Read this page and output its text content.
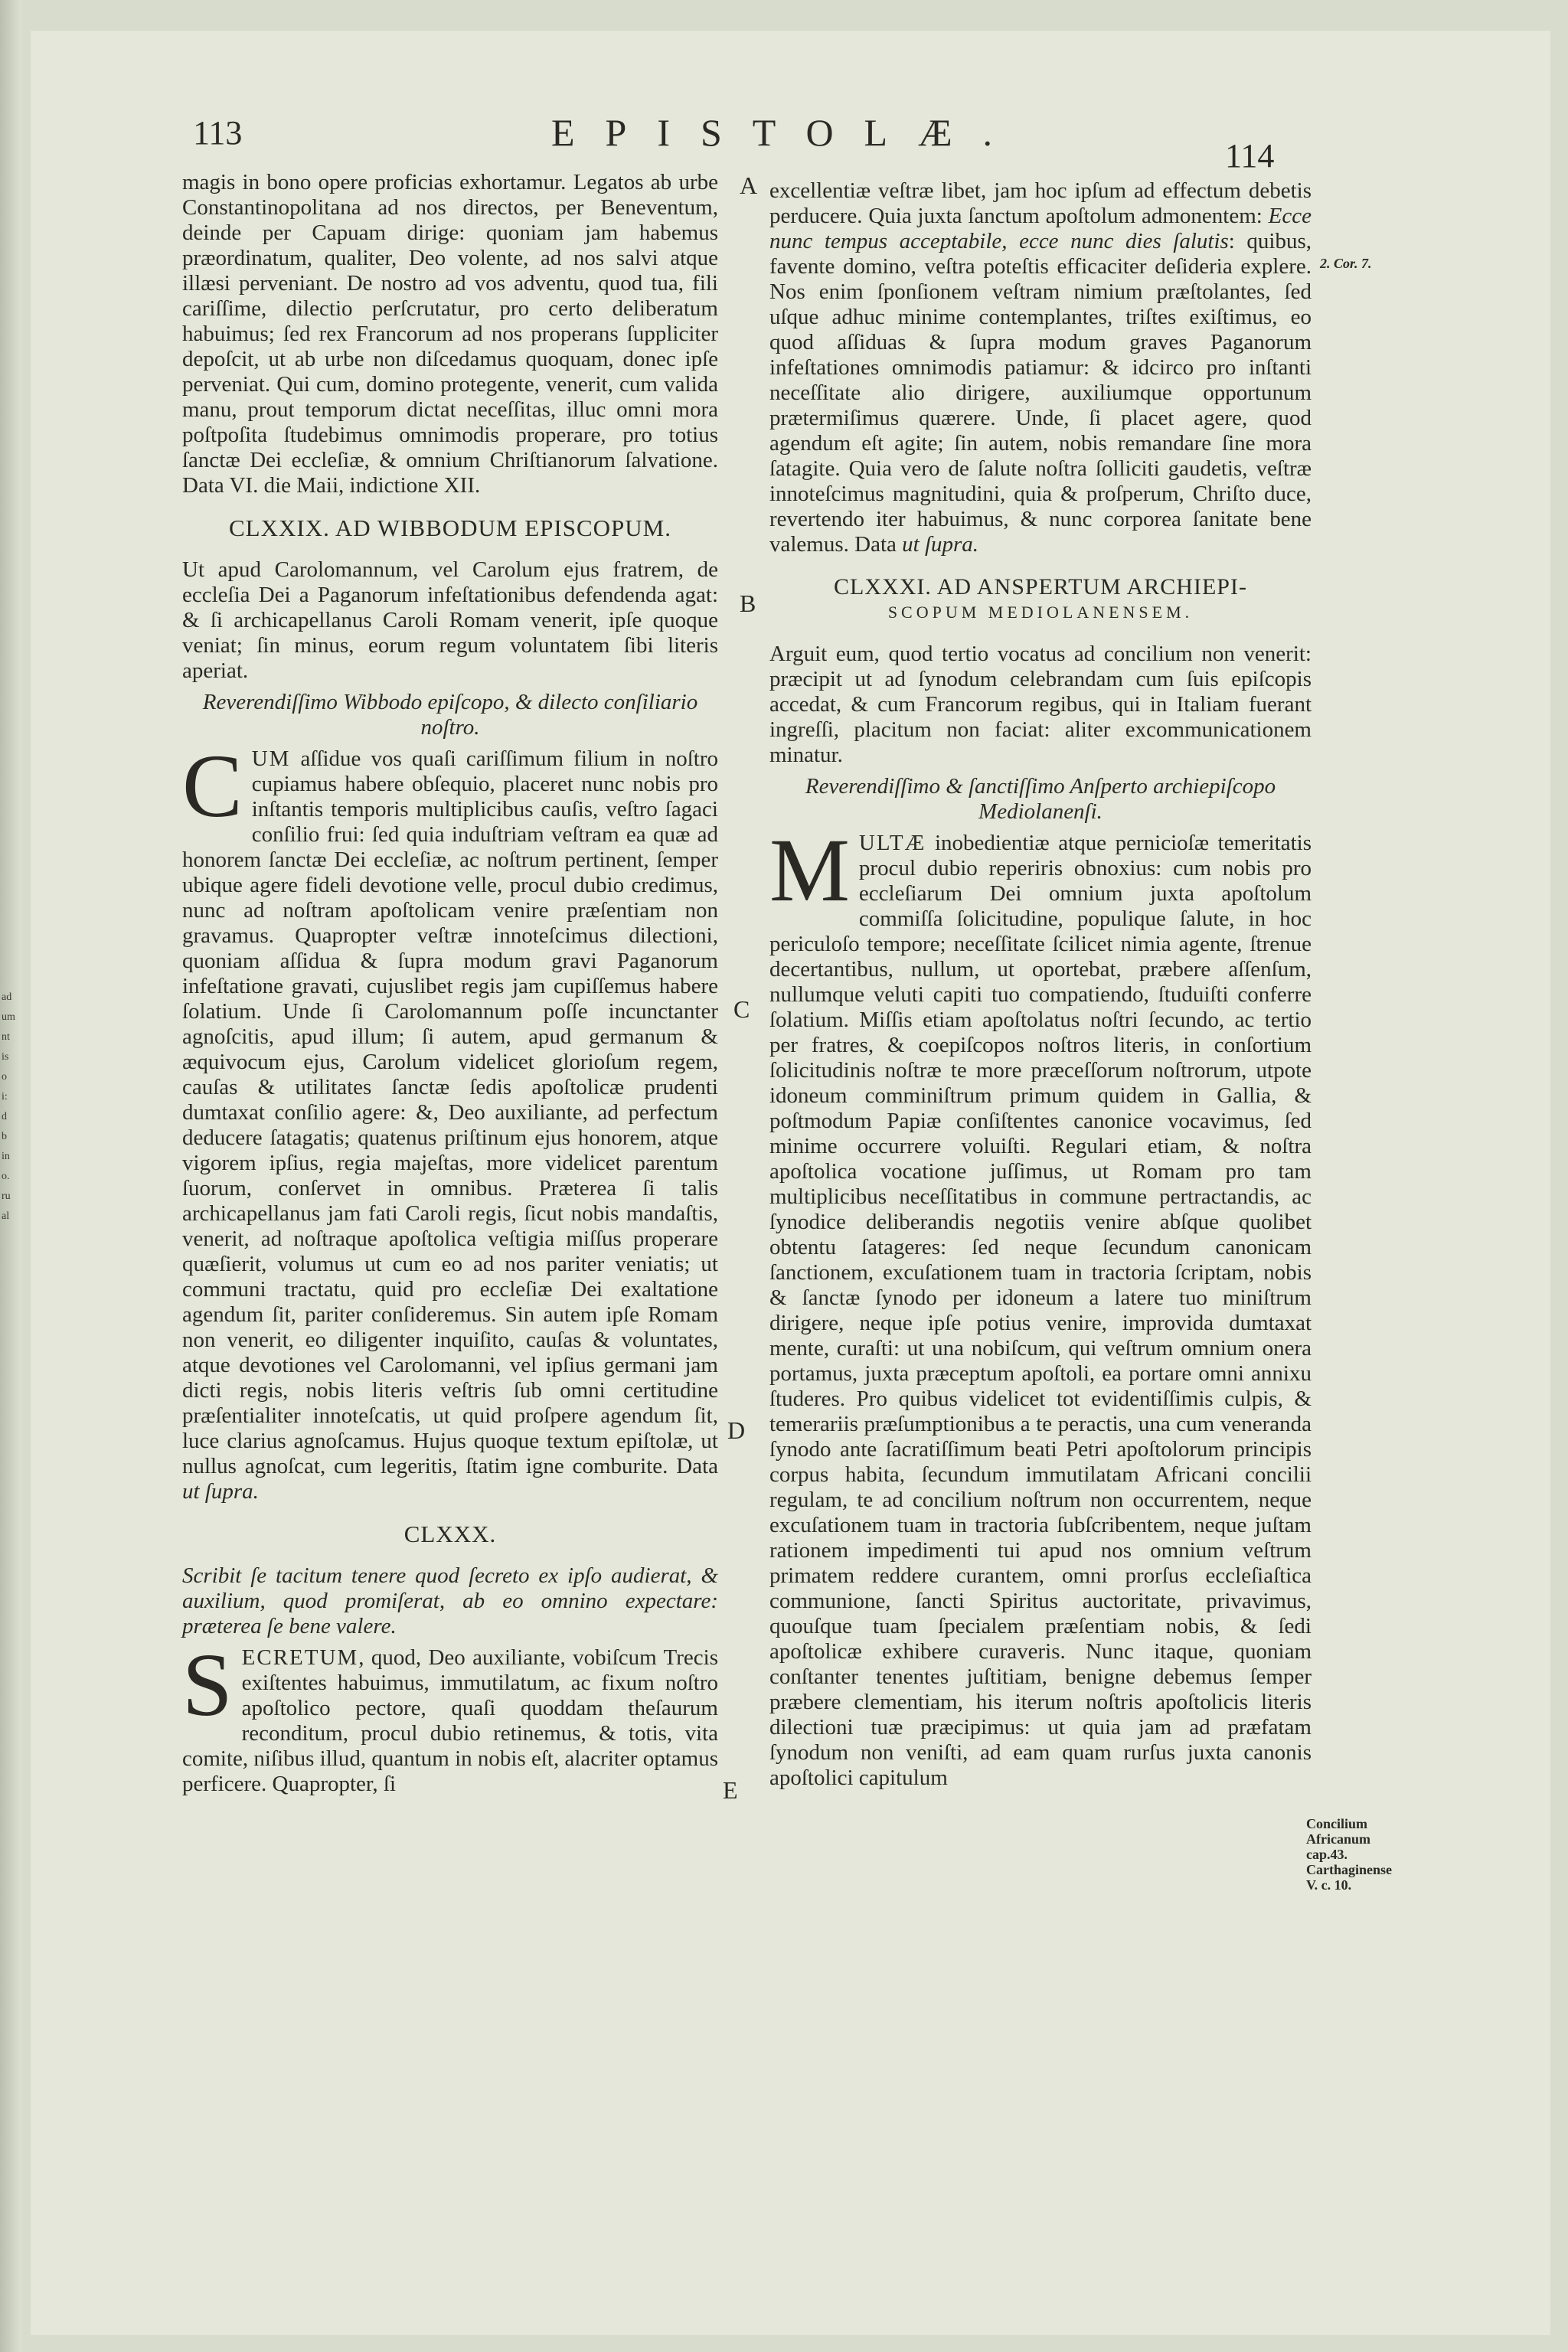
ad
um
nt
is
o
i:
d
b
in
o.
ru
al
113	EPISTOLÆ.
114
A
B
C
D
E
2. Cor. 7.
Concilium Africanum cap.43. Carthaginense V. c. 10.

magis in bono opere proficias exhortamur. Legatos ab urbe Constantinopolitana ad nos directos, per Beneventum, deinde per Capuam dirige: quoniam jam habemus præordinatum, qualiter, Deo volente, ad nos salvi atque illæsi perveniant. De nostro ad vos adventu, quod tua, fili cariſſime, dilectio perſcrutatur, pro certo deliberatum habuimus; ſed rex Francorum ad nos properans ſuppliciter depoſcit, ut ab urbe non diſcedamus quoquam, donec ipſe perveniat. Qui cum, domino protegente, venerit, cum valida manu, prout temporum dictat neceſſitas, illuc omni mora poſtpoſita ſtudebimus omnimodis properare, pro totius ſanctæ Dei eccleſiæ, & omnium Chriſtianorum ſalvatione. Data VI. die Maii, indictione XII.

CLXXIX. AD WIBBODUM EPISCOPUM.

Ut apud Carolomannum, vel Carolum ejus fratrem, de eccleſia Dei a Paganorum infeſtationibus defendenda agat: & ſi archicapellanus Caroli Romam venerit, ipſe quoque veniat; ſin minus, eorum regum voluntatem ſibi literis aperiat.

Reverendiſſimo Wibbodo epiſcopo, & dilecto conſiliario noſtro.

CUM aſſidue vos quaſi cariſſimum filium in noſtro cupiamus habere obſequio, placeret nunc nobis pro inſtantis temporis multiplicibus cauſis, veſtro ſagaci conſilio frui: ſed quia induſtriam veſtram ea quæ ad honorem ſanctæ Dei eccleſiæ, ac noſtrum pertinent, ſemper ubique agere fideli devotione velle, procul dubio credimus, nunc ad noſtram apoſtolicam venire præſentiam non gravamus. Quapropter veſtræ innoteſcimus dilectioni, quoniam aſſidua & ſupra modum gravi Paganorum infeſtatione gravati, cujuslibet regis jam cupiſſemus habere ſolatium. Unde ſi Carolomannum poſſe incunctanter agnoſcitis, apud illum; ſi autem, apud germanum & æquivocum ejus, Carolum videlicet glorioſum regem, cauſas & utilitates ſanctæ ſedis apoſtolicæ prudenti dumtaxat conſilio agere: &, Deo auxiliante, ad perfectum deducere ſatagatis; quatenus priſtinum ejus honorem, atque vigorem ipſius, regia majeſtas, more videlicet parentum ſuorum, conſervet in omnibus. Præterea ſi talis archicapellanus jam fati Caroli regis, ſicut nobis mandaſtis, venerit, ad noſtraque apoſtolica veſtigia miſſus properare quæſierit, volumus ut cum eo ad nos pariter veniatis; ut communi tractatu, quid pro eccleſiæ Dei exaltatione agendum ſit, pariter conſideremus. Sin autem ipſe Romam non venerit, eo diligenter inquiſito, cauſas & voluntates, atque devotiones vel Carolomanni, vel ipſius germani jam dicti regis, nobis literis veſtris ſub omni certitudine præſentialiter innoteſcatis, ut quid proſpere agendum ſit, luce clarius agnoſcamus. Hujus quoque textum epiſtolæ, ut nullus agnoſcat, cum legeritis, ſtatim igne comburite. Data ut ſupra.

CLXXX.

Scribit ſe tacitum tenere quod ſecreto ex ipſo audierat, & auxilium, quod promiſerat, ab eo omnino expectare: præterea ſe bene valere.

SECRETUM, quod, Deo auxiliante, vobiſcum Trecis exiſtentes habuimus, immutilatum, ac fixum noſtro apoſtolico pectore, quaſi quoddam theſaurum reconditum, procul dubio retinemus, & totis, vita comite, niſibus illud, quantum in nobis eſt, alacriter optamus perficere. Quapropter, ſi

excellentiæ veſtræ libet, jam hoc ipſum ad effectum debetis perducere. Quia juxta ſanctum apoſtolum admonentem: Ecce nunc tempus acceptabile, ecce nunc dies ſalutis: quibus, favente domino, veſtra poteſtis efficaciter deſideria explere. Nos enim ſponſionem veſtram nimium præſtolantes, ſed uſque adhuc minime contemplantes, triſtes exiſtimus, eo quod aſſiduas & ſupra modum graves Paganorum infeſtationes omnimodis patiamur: & idcirco pro inſtanti neceſſitate alio dirigere, auxiliumque opportunum prætermiſimus quærere. Unde, ſi placet agere, quod agendum eſt agite; ſin autem, nobis remandare ſine mora ſatagite. Quia vero de ſalute noſtra ſolliciti gaudetis, veſtræ innoteſcimus magnitudini, quia & proſperum, Chriſto duce, revertendo iter habuimus, & nunc corporea ſanitate bene valemus. Data ut ſupra.

CLXXXI. AD ANSPERTUM ARCHIEPI-
SCOPUM MEDIOLANENSEM.

Arguit eum, quod tertio vocatus ad concilium non venerit: præcipit ut ad ſynodum celebrandam cum ſuis epiſcopis accedat, & cum Francorum regibus, qui in Italiam fuerant ingreſſi, placitum non faciat: aliter excommunicationem minatur.

Reverendiſſimo & ſanctiſſimo Anſperto archiepiſcopo Mediolanenſi.

MULTÆ inobedientiæ atque pernicioſæ temeritatis procul dubio reperiris obnoxius: cum nobis pro eccleſiarum Dei omnium juxta apoſtolum commiſſa ſolicitudine, populique ſalute, in hoc periculoſo tempore; neceſſitate ſcilicet nimia agente, ſtrenue decertantibus, nullum, ut oportebat, præbere aſſenſum, nullumque veluti capiti tuo compatiendo, ſtuduiſti conferre ſolatium. Miſſis etiam apoſtolatus noſtri ſecundo, ac tertio per fratres, & coepiſcopos noſtros literis, in conſortium ſolicitudinis noſtræ te more præceſſorum noſtrorum, utpote idoneum comminiſtrum primum quidem in Gallia, & poſtmodum Papiæ conſiſtentes canonice vocavimus, ſed minime occurrere voluiſti. Regulari etiam, & noſtra apoſtolica vocatione juſſimus, ut Romam pro tam multiplicibus neceſſitatibus in commune pertractandis, ac ſynodice deliberandis negotiis venire abſque quolibet obtentu ſatageres: ſed neque ſecundum canonicam ſanctionem, excuſationem tuam in tractoria ſcriptam, nobis & ſanctæ ſynodo per idoneum a latere tuo miniſtrum dirigere, neque ipſe potius venire, improvida dumtaxat mente, curaſti: ut una nobiſcum, qui veſtrum omnium onera portamus, juxta præceptum apoſtoli, ea portare omni annixu ſtuderes. Pro quibus videlicet tot evidentiſſimis culpis, & temerariis præſumptionibus a te peractis, una cum veneranda ſynodo ante ſacratiſſimum beati Petri apoſtolorum principis corpus habita, ſecundum immutilatam Africani concilii regulam, te ad concilium noſtrum non occurrentem, neque excuſationem tuam in tractoria ſubſcribentem, neque juſtam rationem impedimenti tui apud nos omnium veſtrum primatem reddere curantem, omni prorſus eccleſiaſtica communione, ſancti Spiritus auctoritate, privavimus, quouſque tuam ſpecialem præſentiam nobis, & ſedi apoſtolicæ exhibere curaveris. Nunc itaque, quoniam conſtanter tenentes juſtitiam, benigne debemus ſemper præbere clementiam, his iterum noſtris apoſtolicis literis dilectioni tuæ præcipimus: ut quia jam ad præfatam ſynodum non veniſti, ad eam quam rurſus juxta canonis apoſtolici capitulum
